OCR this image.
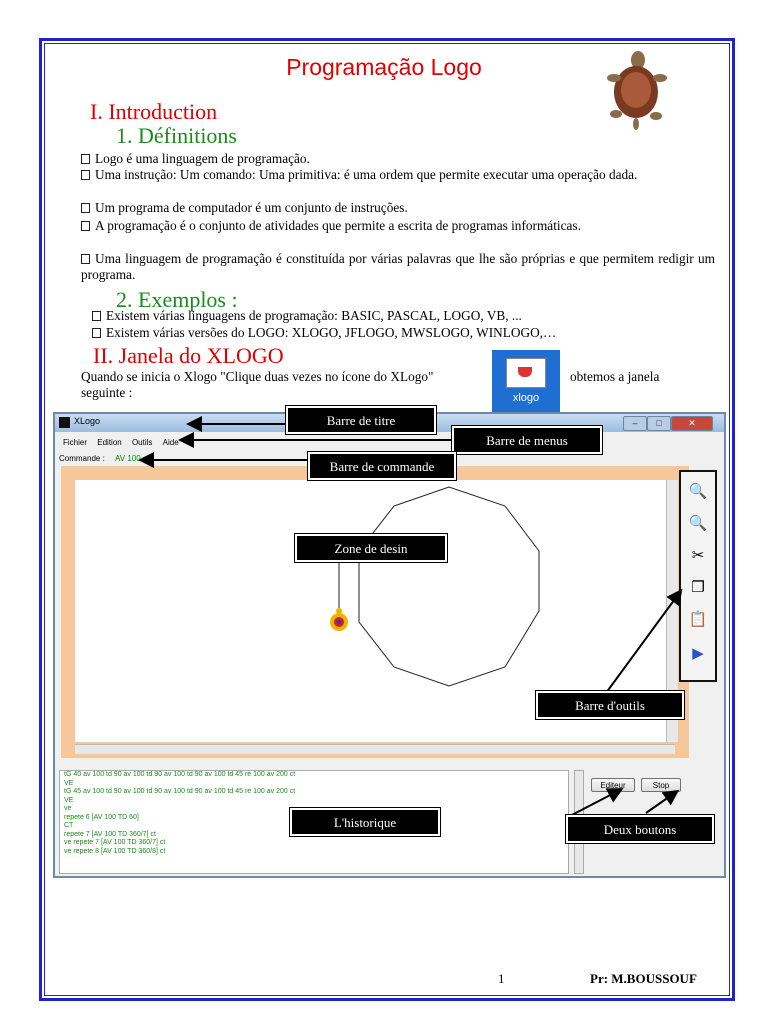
Programação Logo
I. Introduction
1. Définitions
Logo é uma linguagem de programação.
Uma instrução: Um comando: Uma primitiva: é uma ordem que permite executar uma operação dada.
Um programa de computador é um conjunto de instruções.
A programação é o conjunto de atividades que permite a escrita de programas informáticas.
Uma linguagem de programação é constituída por várias palavras que lhe são próprias e que permitem redigir um programa.
2. Exemplos :
Existem várias linguagens de programação: BASIC, PASCAL, LOGO, VB, ...
Existem várias versões do LOGO: XLOGO, JFLOGO, MWSLOGO, WINLOGO,…
II. Janela do XLOGO
Quando se inicia o Xlogo "Clique duas vezes no ícone do XLogo"	obtemos a janela
seguinte :	xlogo
XLogo	–	□	✕
Fichier Edition Outils Aide
Commande : AV 100
🔍
🔍
✂
❐
📋
▶
tG 40 av 100 td 90 av 100 td 90 av 100 td 90 av 100 td 45 re 100 av 200 ct
VE
tG 45 av 100 td 90 av 100 td 90 av 100 td 90 av 100 td 45 re 100 av 200 ct
VE
ve
repete 6 [AV 100 TD 60]
CT
repete 7 [AV 100 TD 360/7] ct
ve repete 7 [AV 100 TD 360/7] ct
ve repete 8 [AV 100 TD 360/8] ct
Editeur	Stop
Barre de titre
Barre de menus
Barre de commande
Zone de desin
Barre d'outils
L'historique	Deux boutons
1	Pr: M.BOUSSOUF
